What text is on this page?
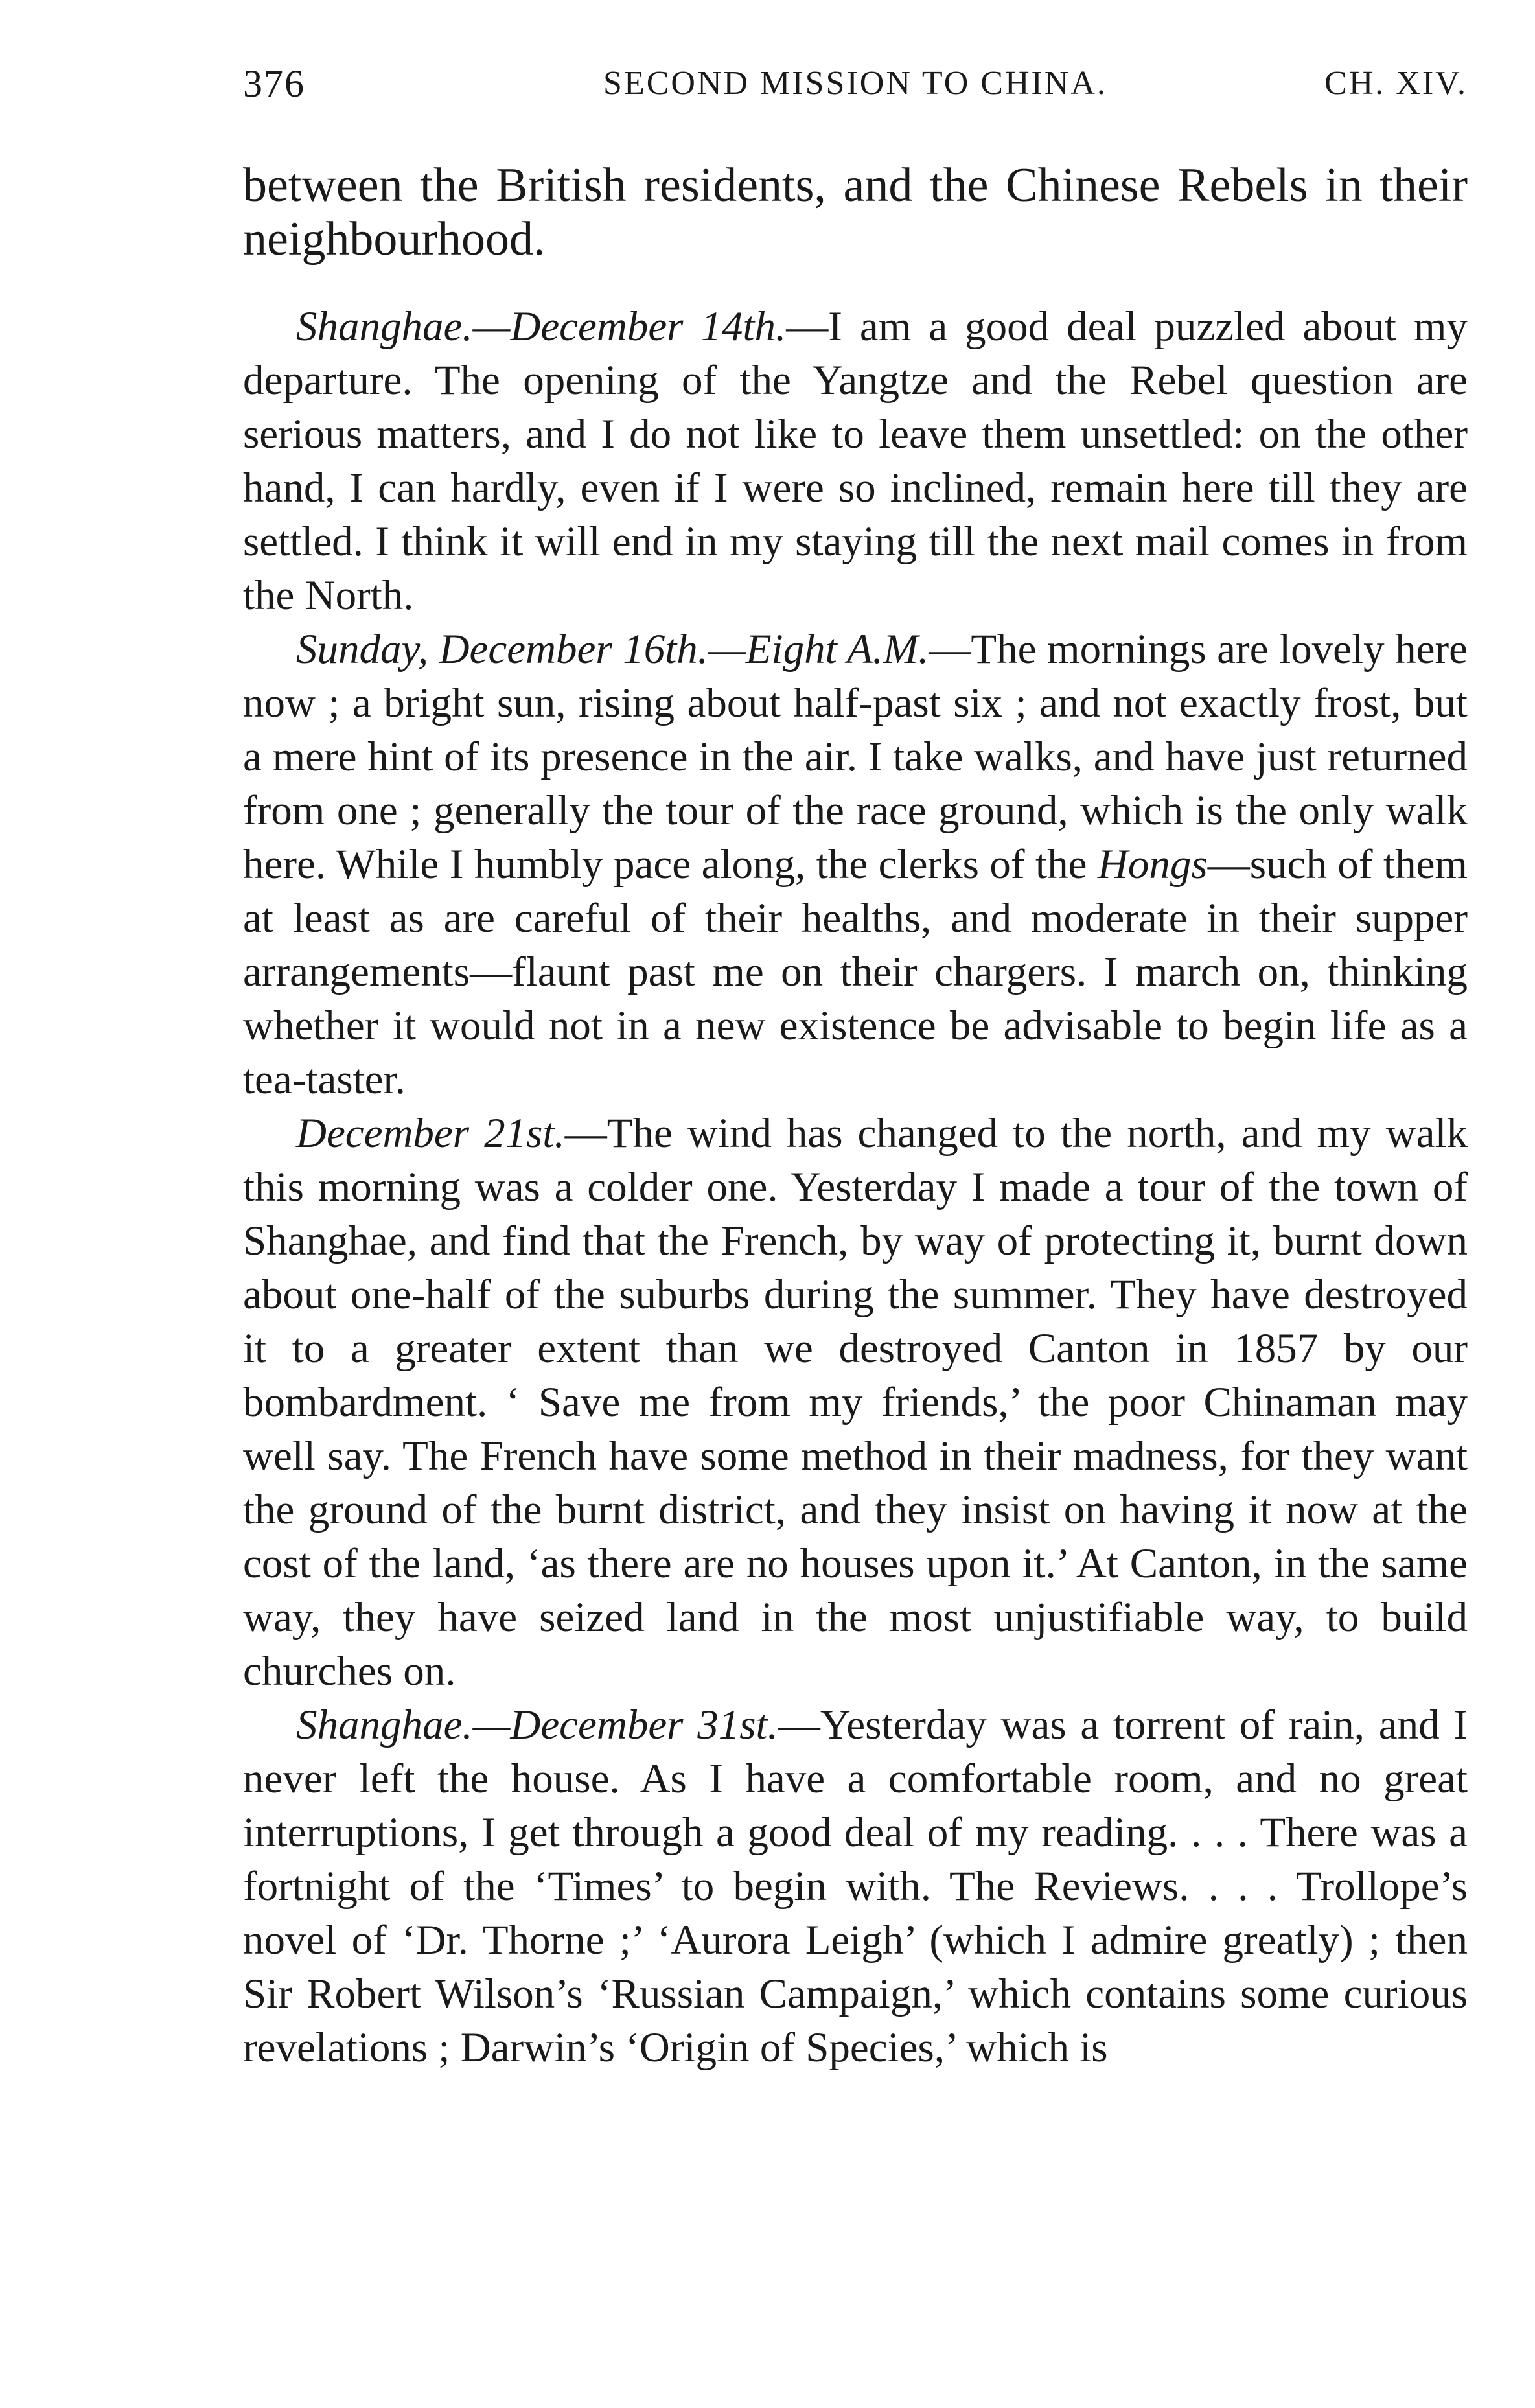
376	SECOND MISSION TO CHINA.	CH. XIV.

between the British residents, and the Chinese Rebels in their neighbourhood.

Shanghae.—December 14th.—I am a good deal puzzled about my departure. The opening of the Yangtze and the Rebel question are serious matters, and I do not like to leave them unsettled: on the other hand, I can hardly, even if I were so inclined, remain here till they are settled. I think it will end in my staying till the next mail comes in from the North.

Sunday, December 16th.—Eight A.M.—The mornings are lovely here now ; a bright sun, rising about half-past six ; and not exactly frost, but a mere hint of its presence in the air. I take walks, and have just returned from one ; generally the tour of the race ground, which is the only walk here. While I humbly pace along, the clerks of the Hongs—such of them at least as are careful of their healths, and moderate in their supper arrangements—flaunt past me on their chargers. I march on, thinking whether it would not in a new existence be advisable to begin life as a tea-taster.

December 21st.—The wind has changed to the north, and my walk this morning was a colder one. Yesterday I made a tour of the town of Shanghae, and find that the French, by way of protecting it, burnt down about one-half of the suburbs during the summer. They have destroyed it to a greater extent than we destroyed Canton in 1857 by our bombardment. ‘ Save me from my friends,’ the poor Chinaman may well say. The French have some method in their madness, for they want the ground of the burnt district, and they insist on having it now at the cost of the land, ‘as there are no houses upon it.’ At Canton, in the same way, they have seized land in the most unjustifiable way, to build churches on.

Shanghae.—December 31st.—Yesterday was a torrent of rain, and I never left the house. As I have a comfortable room, and no great interruptions, I get through a good deal of my reading. . . . There was a fortnight of the ‘Times’ to begin with. The Reviews. . . . Trollope’s novel of ‘Dr. Thorne ;’ ‘Aurora Leigh’ (which I admire greatly) ; then Sir Robert Wilson’s ‘Russian Campaign,’ which contains some curious revelations ; Darwin’s ‘Origin of Species,’ which is
